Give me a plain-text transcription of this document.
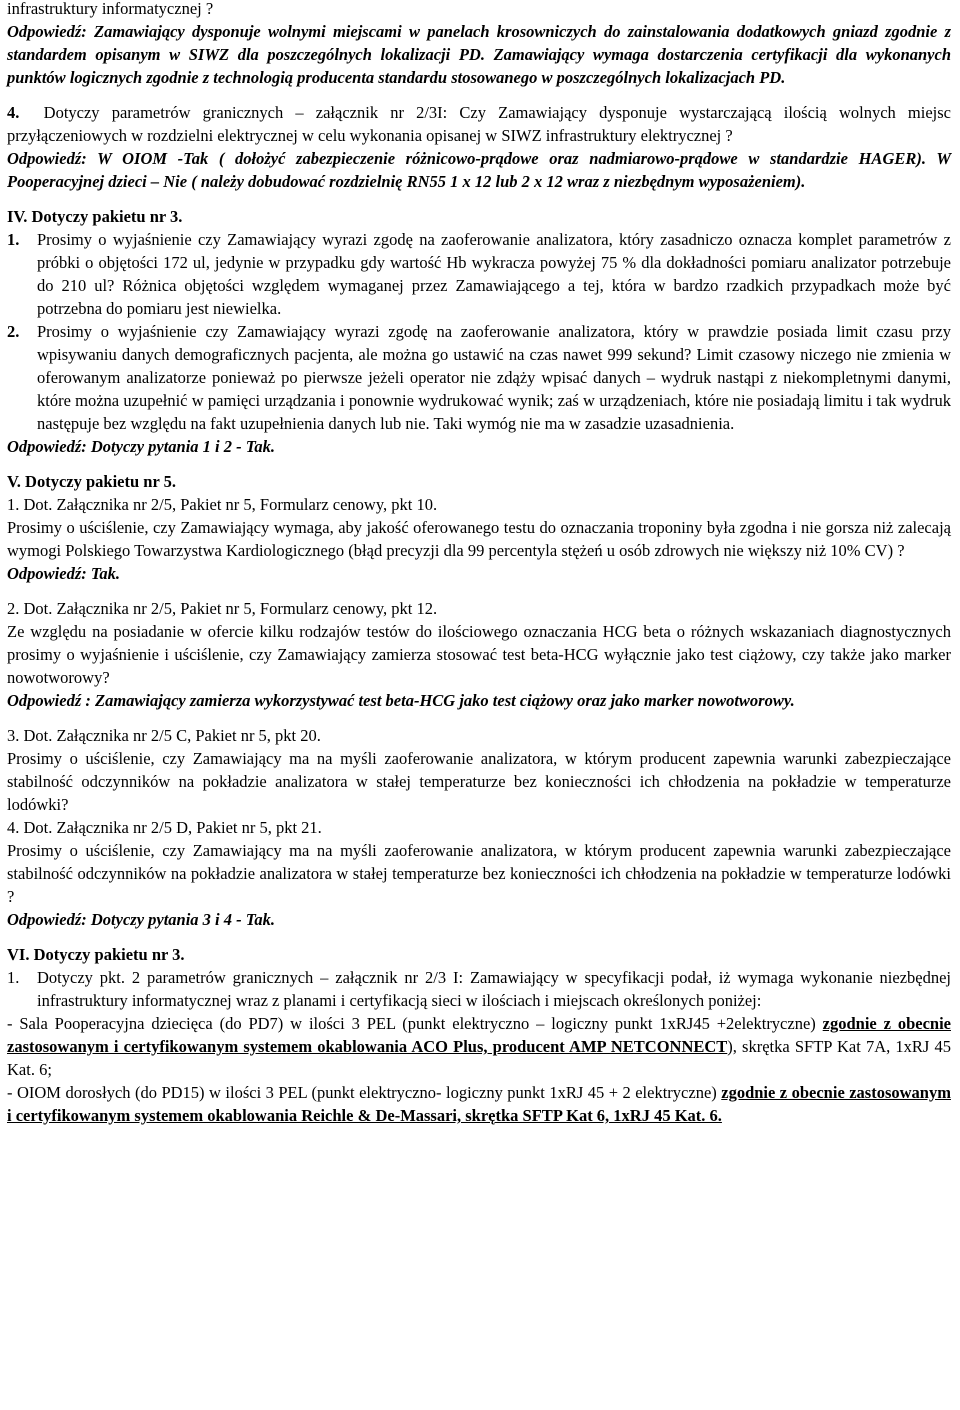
infrastruktury informatycznej ?

Odpowiedź: Zamawiający dysponuje wolnymi miejscami w panelach krosowniczych do zainstalowania dodatkowych gniazd zgodnie z standardem opisanym w SIWZ dla poszczególnych lokalizacji PD. Zamawiający wymaga dostarczenia certyfikacji dla wykonanych punktów logicznych zgodnie z technologią producenta standardu stosowanego w poszczególnych lokalizacjach PD.

4. Dotyczy parametrów granicznych – załącznik nr 2/3I: Czy Zamawiający dysponuje wystarczającą ilością wolnych miejsc przyłączeniowych w rozdzielni elektrycznej w celu wykonania opisanej w SIWZ infrastruktury elektrycznej ?

Odpowiedź: W OIOM -Tak ( dołożyć zabezpieczenie różnicowo-prądowe oraz nadmiarowo-prądowe w standardzie HAGER). W Pooperacyjnej dzieci – Nie ( należy dobudować rozdzielnię RN55 1 x 12 lub 2 x 12 wraz z niezbędnym wyposażeniem).

IV. Dotyczy pakietu nr 3.

1.	Prosimy o wyjaśnienie czy Zamawiający wyrazi zgodę na zaoferowanie analizatora, który zasadniczo oznacza komplet parametrów z próbki o objętości 172 ul, jedynie w przypadku gdy wartość Hb wykracza powyżej 75 % dla dokładności pomiaru analizator potrzebuje do 210 ul? Różnica objętości względem wymaganej przez Zamawiającego a tej, która w bardzo rzadkich przypadkach może być potrzebna do pomiaru jest niewielka.
2.	Prosimy o wyjaśnienie czy Zamawiający wyrazi zgodę na zaoferowanie analizatora, który w prawdzie posiada limit czasu przy wpisywaniu danych demograficznych pacjenta, ale można go ustawić na czas nawet 999 sekund? Limit czasowy niczego nie zmienia w oferowanym analizatorze ponieważ po pierwsze jeżeli operator nie zdąży wpisać danych – wydruk nastąpi z niekompletnymi danymi, które można uzupełnić w pamięci urządzania i ponownie wydrukować wynik; zaś w urządzeniach, które nie posiadają limitu i tak wydruk następuje bez względu na fakt uzupełnienia danych lub nie. Taki wymóg nie ma w zasadzie uzasadnienia.

Odpowiedź: Dotyczy pytania 1 i 2 - Tak.

V. Dotyczy pakietu nr 5.

1. Dot. Załącznika nr 2/5, Pakiet nr 5, Formularz cenowy, pkt 10.

Prosimy o uściślenie, czy Zamawiający wymaga, aby jakość oferowanego testu do oznaczania troponiny była zgodna i nie gorsza niż zalecają wymogi Polskiego Towarzystwa Kardiologicznego (błąd precyzji dla 99 percentyla stężeń u osób zdrowych nie większy niż 10% CV) ?

Odpowiedź: Tak.

2. Dot. Załącznika nr 2/5, Pakiet nr 5, Formularz cenowy, pkt 12.

Ze względu na posiadanie w ofercie kilku rodzajów testów do ilościowego oznaczania HCG beta o różnych wskazaniach diagnostycznych prosimy o wyjaśnienie i uściślenie, czy Zamawiający zamierza stosować test beta-HCG wyłącznie jako test ciążowy, czy także jako marker nowotworowy?

Odpowiedź : Zamawiający zamierza wykorzystywać test beta-HCG jako test ciążowy oraz jako marker nowotworowy.

3. Dot. Załącznika nr 2/5 C, Pakiet nr 5, pkt 20.

Prosimy o uściślenie, czy Zamawiający ma na myśli zaoferowanie analizatora, w którym producent zapewnia warunki zabezpieczające stabilność odczynników na pokładzie analizatora w stałej temperaturze bez konieczności ich chłodzenia na pokładzie w temperaturze lodówki?

4. Dot. Załącznika nr 2/5 D, Pakiet nr 5, pkt 21.

Prosimy o uściślenie, czy Zamawiający ma na myśli zaoferowanie analizatora, w którym producent zapewnia warunki zabezpieczające stabilność odczynników na pokładzie analizatora w stałej temperaturze bez konieczności ich chłodzenia na pokładzie w temperaturze lodówki ?

Odpowiedź: Dotyczy pytania 3 i 4 - Tak.

VI. Dotyczy pakietu nr 3.

1.	Dotyczy pkt. 2 parametrów granicznych – załącznik nr 2/3 I: Zamawiający w specyfikacji podał, iż wymaga wykonanie niezbędnej infrastruktury informatycznej wraz z planami i certyfikacją sieci w ilościach i miejscach określonych poniżej:

- Sala Pooperacyjna dziecięca (do PD7) w ilości 3 PEL (punkt elektryczno – logiczny punkt 1xRJ45 +2elektryczne) zgodnie z obecnie zastosowanym i certyfikowanym systemem okablowania ACO Plus, producent AMP NETCONNECT), skrętka SFTP Kat 7A, 1xRJ 45 Kat. 6;

- OIOM dorosłych (do PD15) w ilości 3 PEL (punkt elektryczno- logiczny punkt 1xRJ 45 + 2 elektryczne) zgodnie z obecnie zastosowanym i certyfikowanym systemem okablowania Reichle & De-Massari, skrętka SFTP Kat 6, 1xRJ 45 Kat. 6.
